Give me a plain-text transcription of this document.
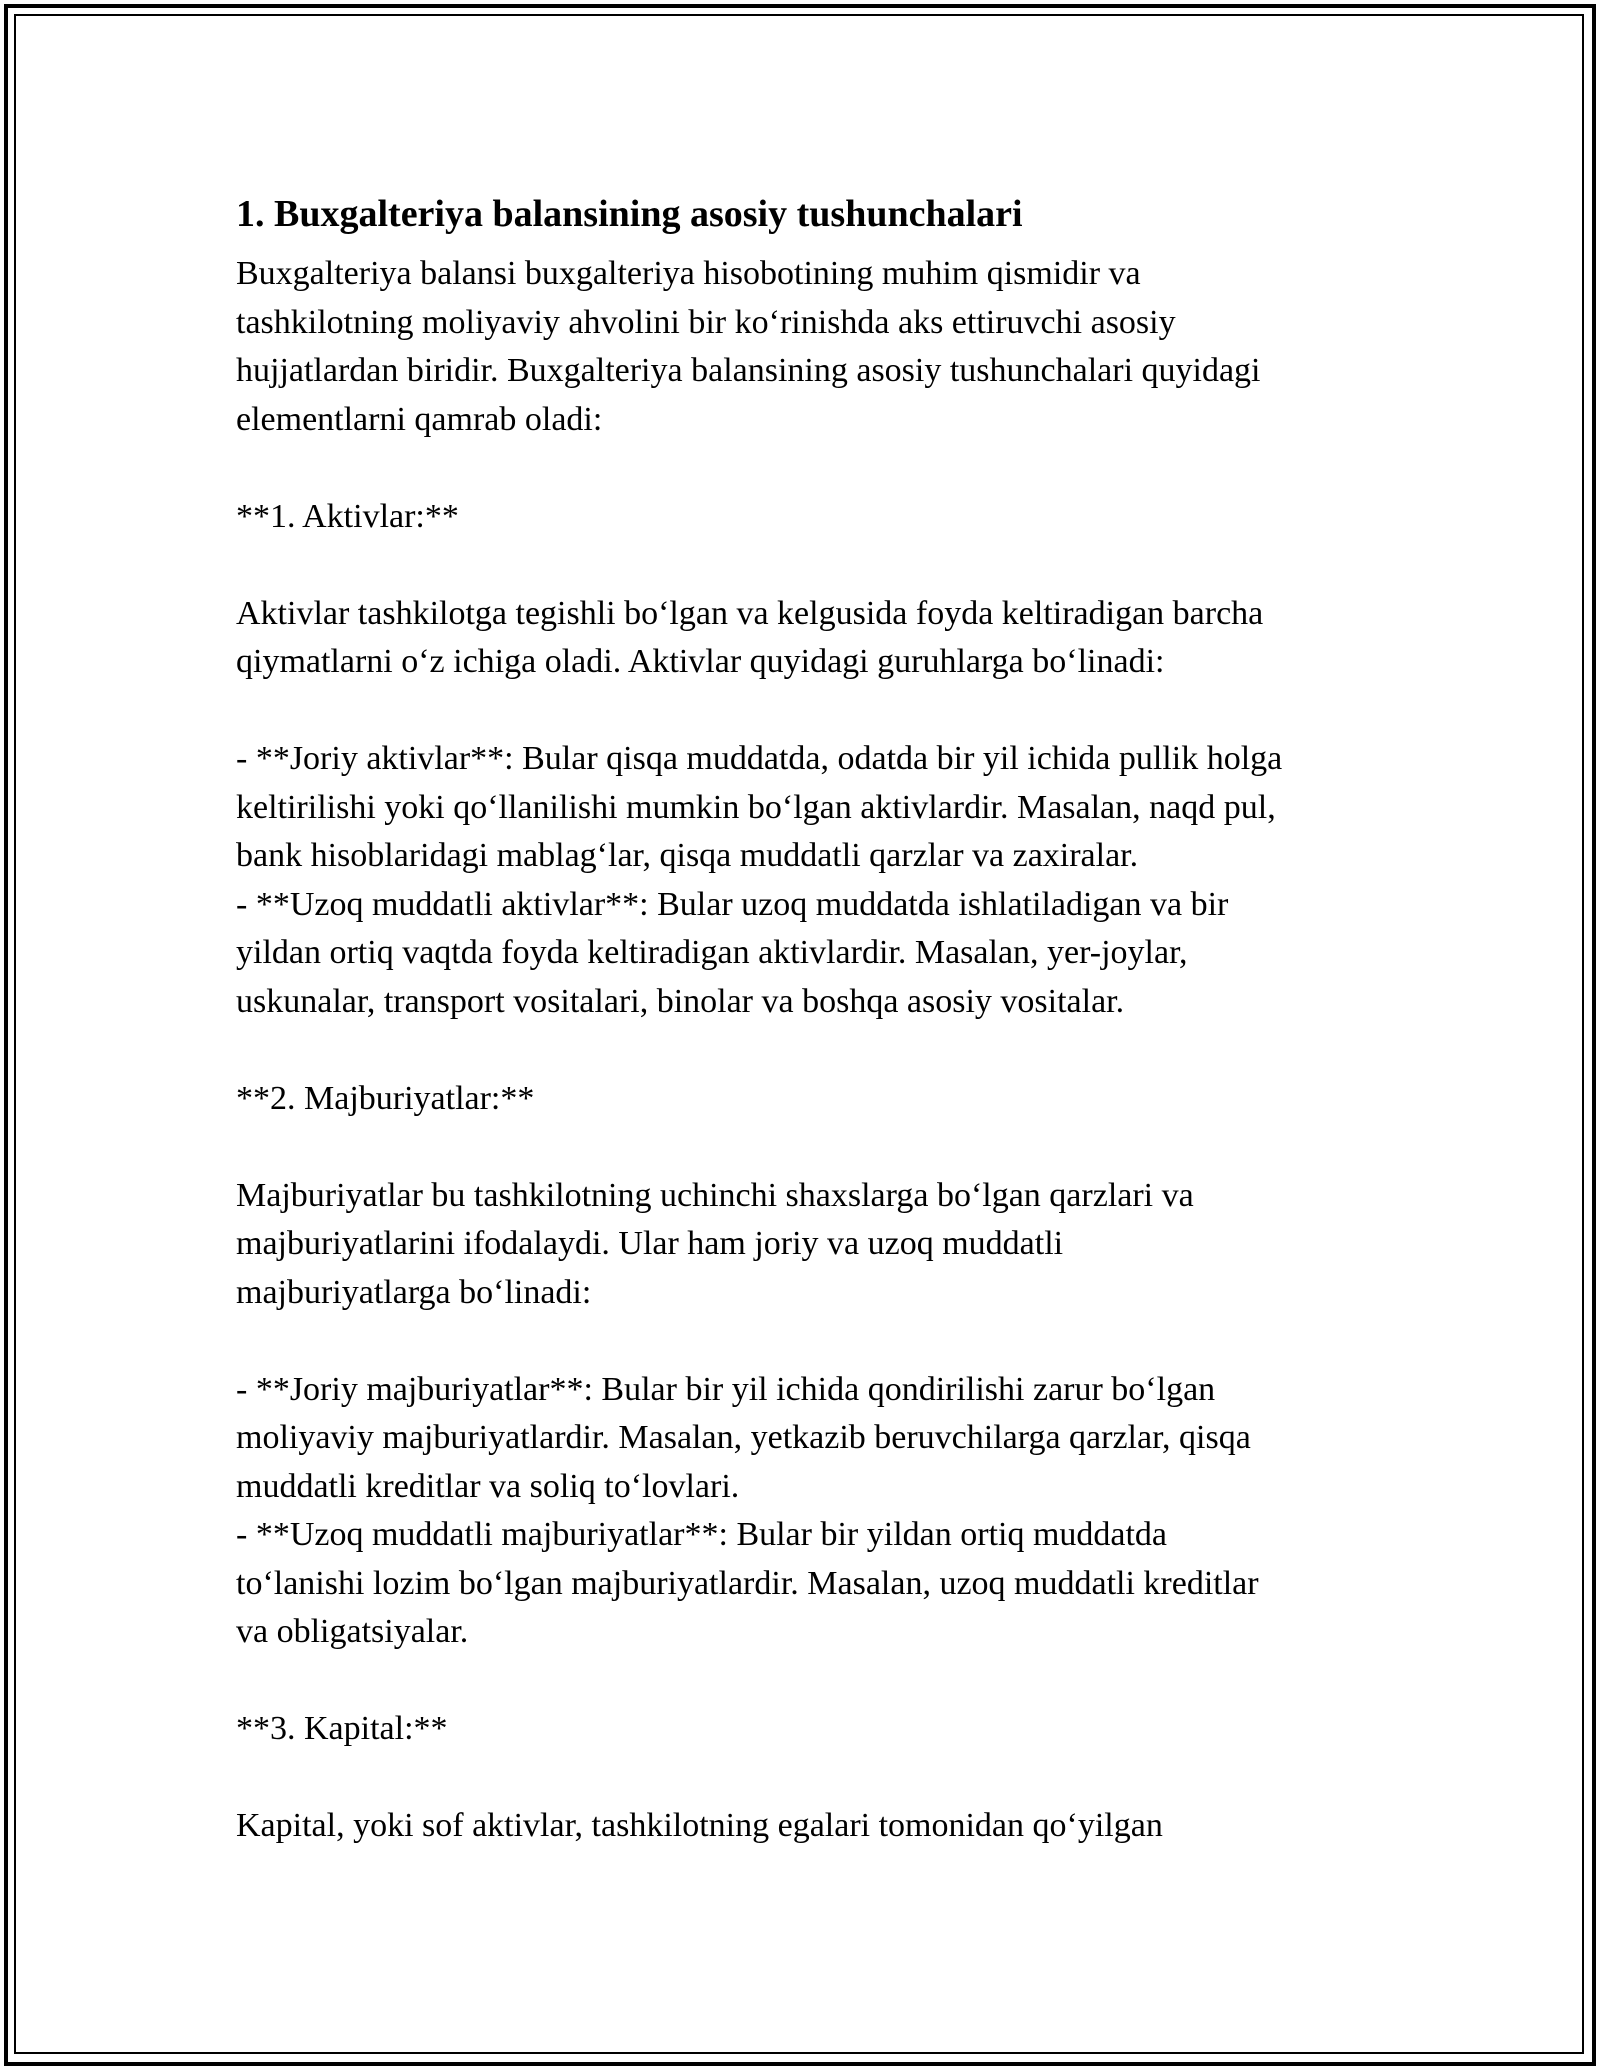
1. Buxgalteriya balansining asosiy tushunchalari

Buxgalteriya balansi buxgalteriya hisobotining muhim qismidir va
tashkilotning moliyaviy ahvolini bir koʻrinishda aks ettiruvchi asosiy
hujjatlardan biridir. Buxgalteriya balansining asosiy tushunchalari quyidagi
elementlarni qamrab oladi:

**1. Aktivlar:**

Aktivlar tashkilotga tegishli boʻlgan va kelgusida foyda keltiradigan barcha
qiymatlarni oʻz ichiga oladi. Aktivlar quyidagi guruhlarga boʻlinadi:

- **Joriy aktivlar**: Bular qisqa muddatda, odatda bir yil ichida pullik holga
keltirilishi yoki qoʻllanilishi mumkin boʻlgan aktivlardir. Masalan, naqd pul,
bank hisoblaridagi mablagʻlar, qisqa muddatli qarzlar va zaxiralar.
- **Uzoq muddatli aktivlar**: Bular uzoq muddatda ishlatiladigan va bir
yildan ortiq vaqtda foyda keltiradigan aktivlardir. Masalan, yer-joylar,
uskunalar, transport vositalari, binolar va boshqa asosiy vositalar.

**2. Majburiyatlar:**

Majburiyatlar bu tashkilotning uchinchi shaxslarga boʻlgan qarzlari va
majburiyatlarini ifodalaydi. Ular ham joriy va uzoq muddatli
majburiyatlarga boʻlinadi:

- **Joriy majburiyatlar**: Bular bir yil ichida qondirilishi zarur boʻlgan
moliyaviy majburiyatlardir. Masalan, yetkazib beruvchilarga qarzlar, qisqa
muddatli kreditlar va soliq toʻlovlari.
- **Uzoq muddatli majburiyatlar**: Bular bir yildan ortiq muddatda
toʻlanishi lozim boʻlgan majburiyatlardir. Masalan, uzoq muddatli kreditlar
va obligatsiyalar.

**3. Kapital:**

Kapital, yoki sof aktivlar, tashkilotning egalari tomonidan qoʻyilgan
